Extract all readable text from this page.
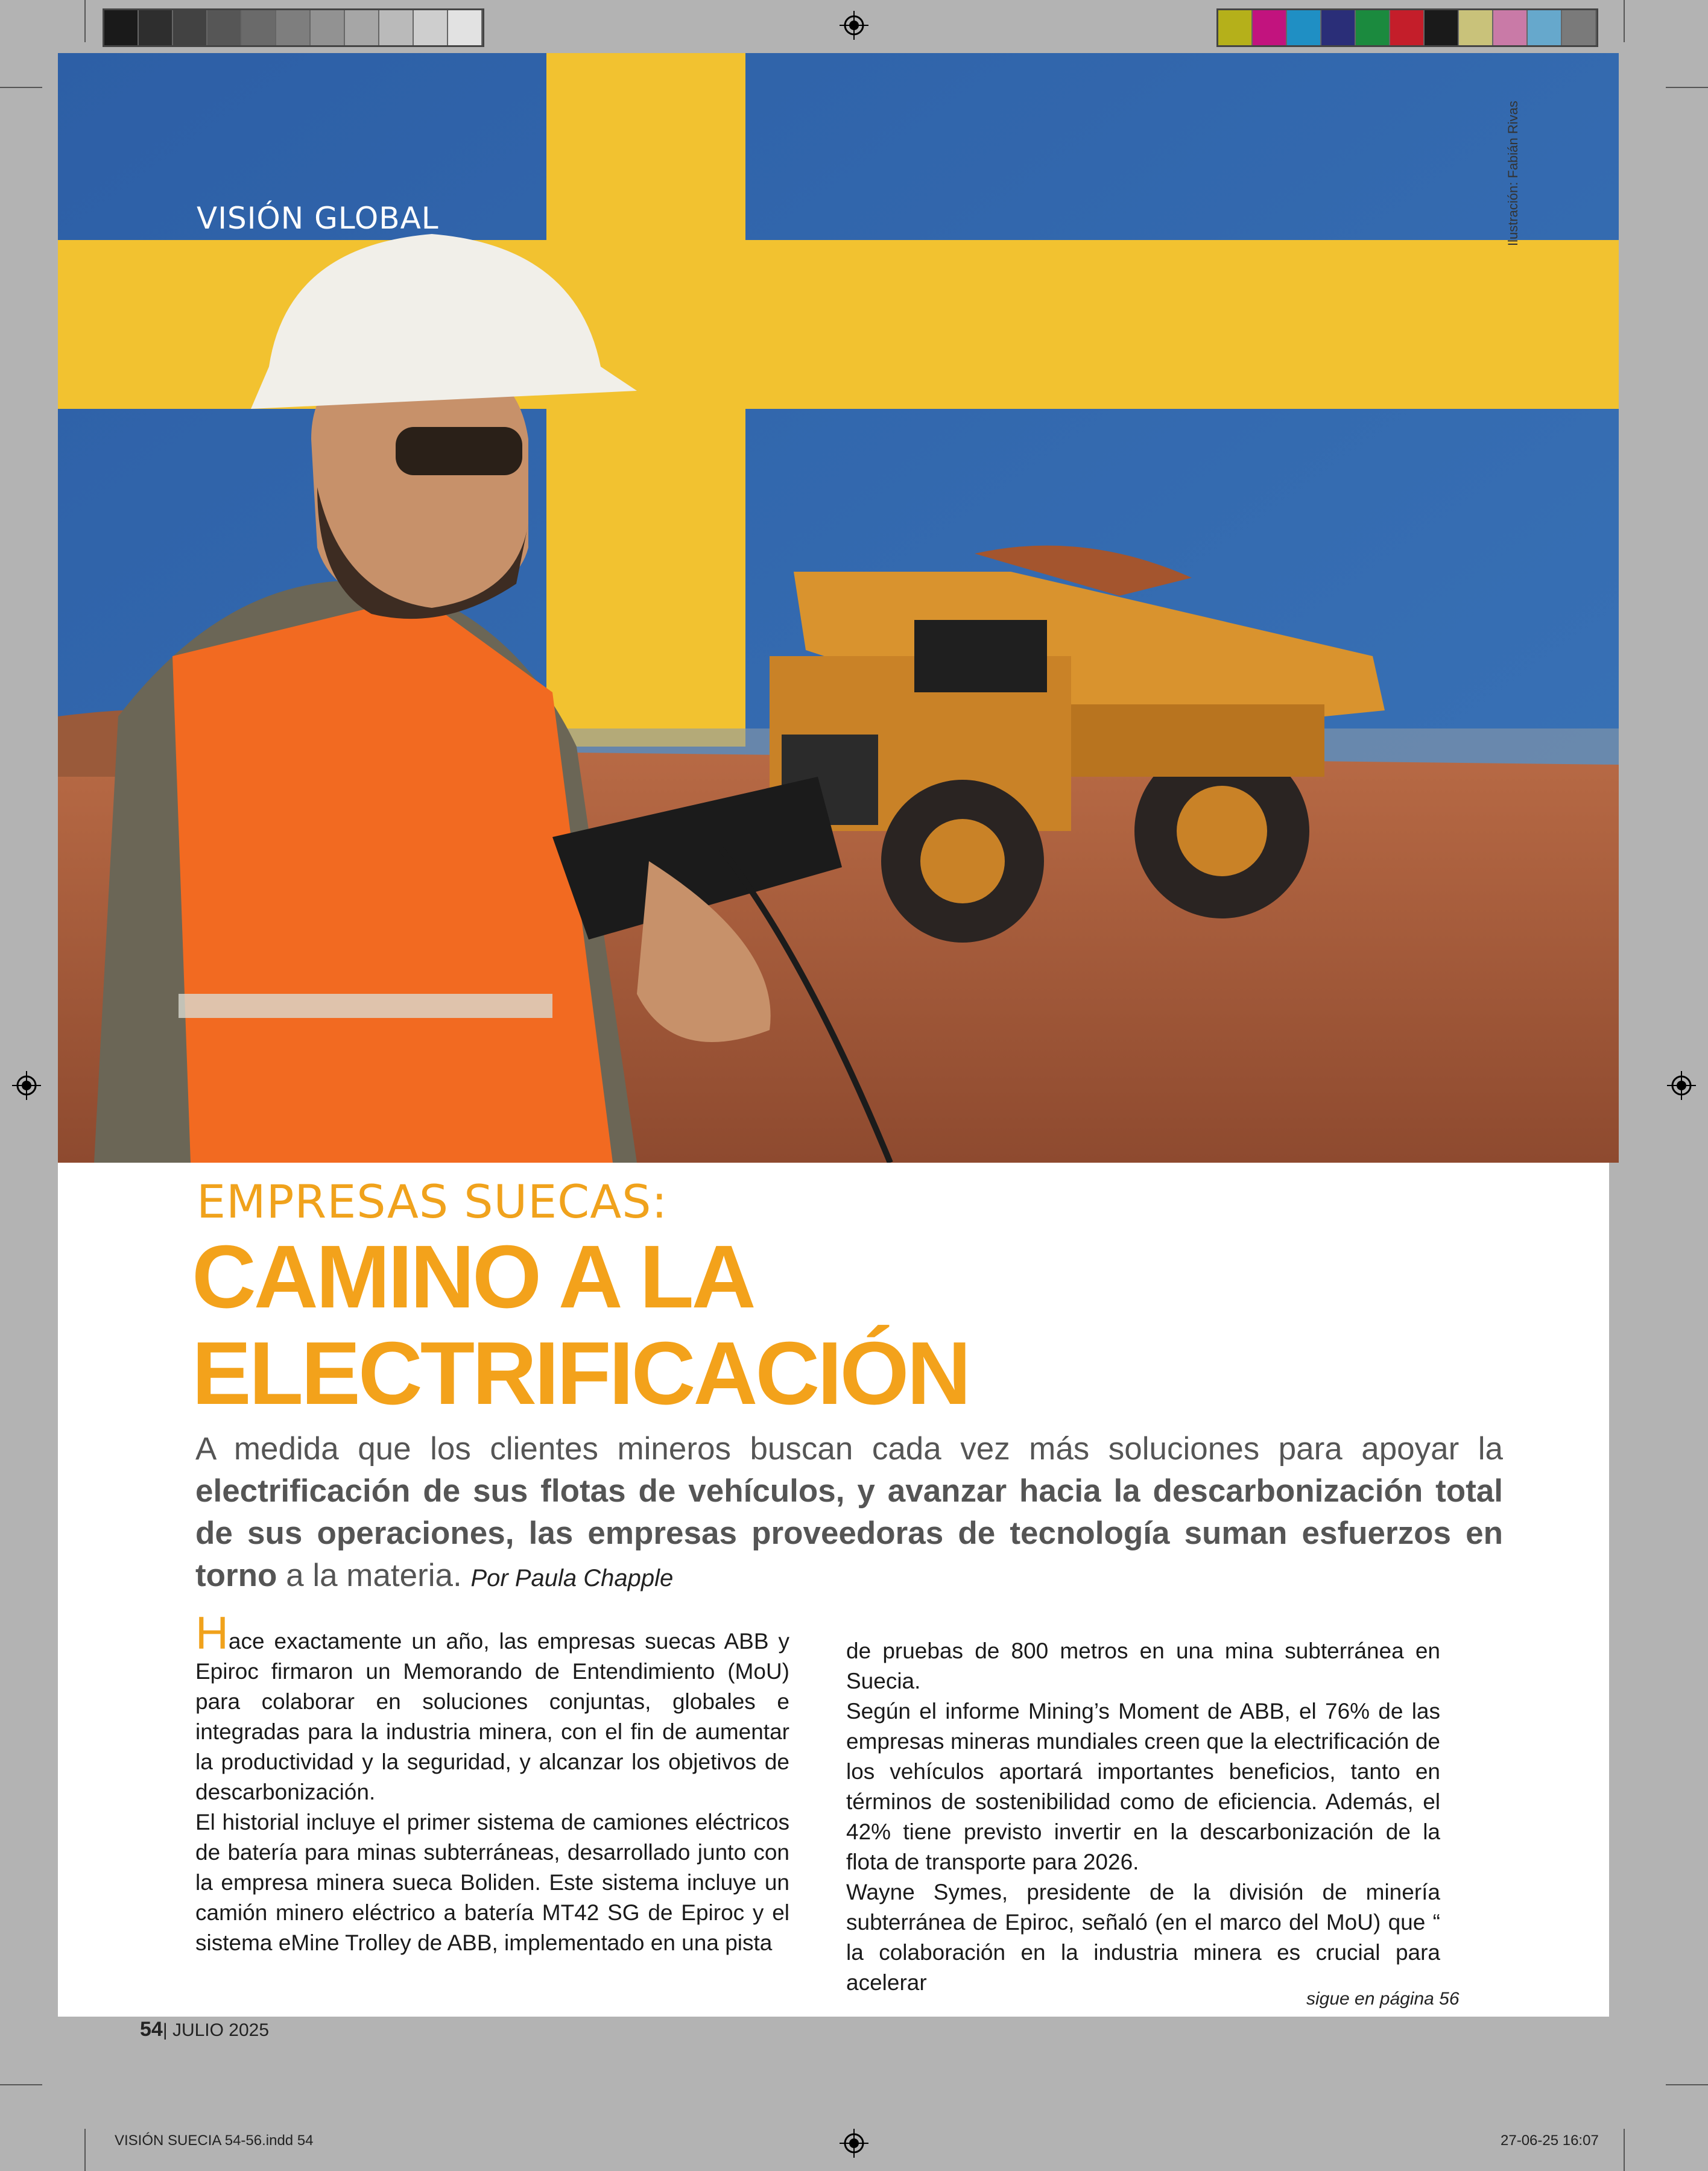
VISIÓN GLOBAL	Ilustración: Fabián Rivas
EMPRESAS SUECAS:
CAMINO A LA
ELECTRIFICACIÓN
A medida que los clientes mineros buscan cada vez más soluciones para apoyar la electrificación de sus flotas de vehículos, y avanzar hacia la descarbonización total de sus operaciones, las empresas proveedoras de tecnología suman esfuerzos en torno a la materia. Por Paula Chapple

Hace exactamente un año, las empresas suecas ABB y Epiroc firmaron un Memorando de Entendimiento (MoU) para colaborar en soluciones conjuntas, globales e integradas para la industria minera, con el fin de aumentar la productividad y la seguridad, y alcanzar los objetivos de descarbonización.

El historial incluye el primer sistema de camiones eléctricos de batería para minas subterráneas, desarrollado junto con la empresa minera sueca Boliden. Este sistema incluye un camión minero eléctrico a batería MT42 SG de Epiroc y el sistema eMine Trolley de ABB, implementado en una pista

de pruebas de 800 metros en una mina subterránea en Suecia.

Según el informe Mining’s Moment de ABB, el 76% de las empresas mineras mundiales creen que la electrificación de los vehículos aportará importantes beneficios, tanto en términos de sostenibilidad como de eficiencia. Además, el 42% tiene previsto invertir en la descarbonización de la flota de transporte para 2026.

Wayne Symes, presidente de la división de minería subterránea de Epiroc, señaló (en el marco del MoU) que “ la colaboración en la industria minera es crucial para acelerar

sigue en página 56
54| JULIO 2025
VISIÓN SUECIA 54-56.indd 54	27-06-25 16:07
